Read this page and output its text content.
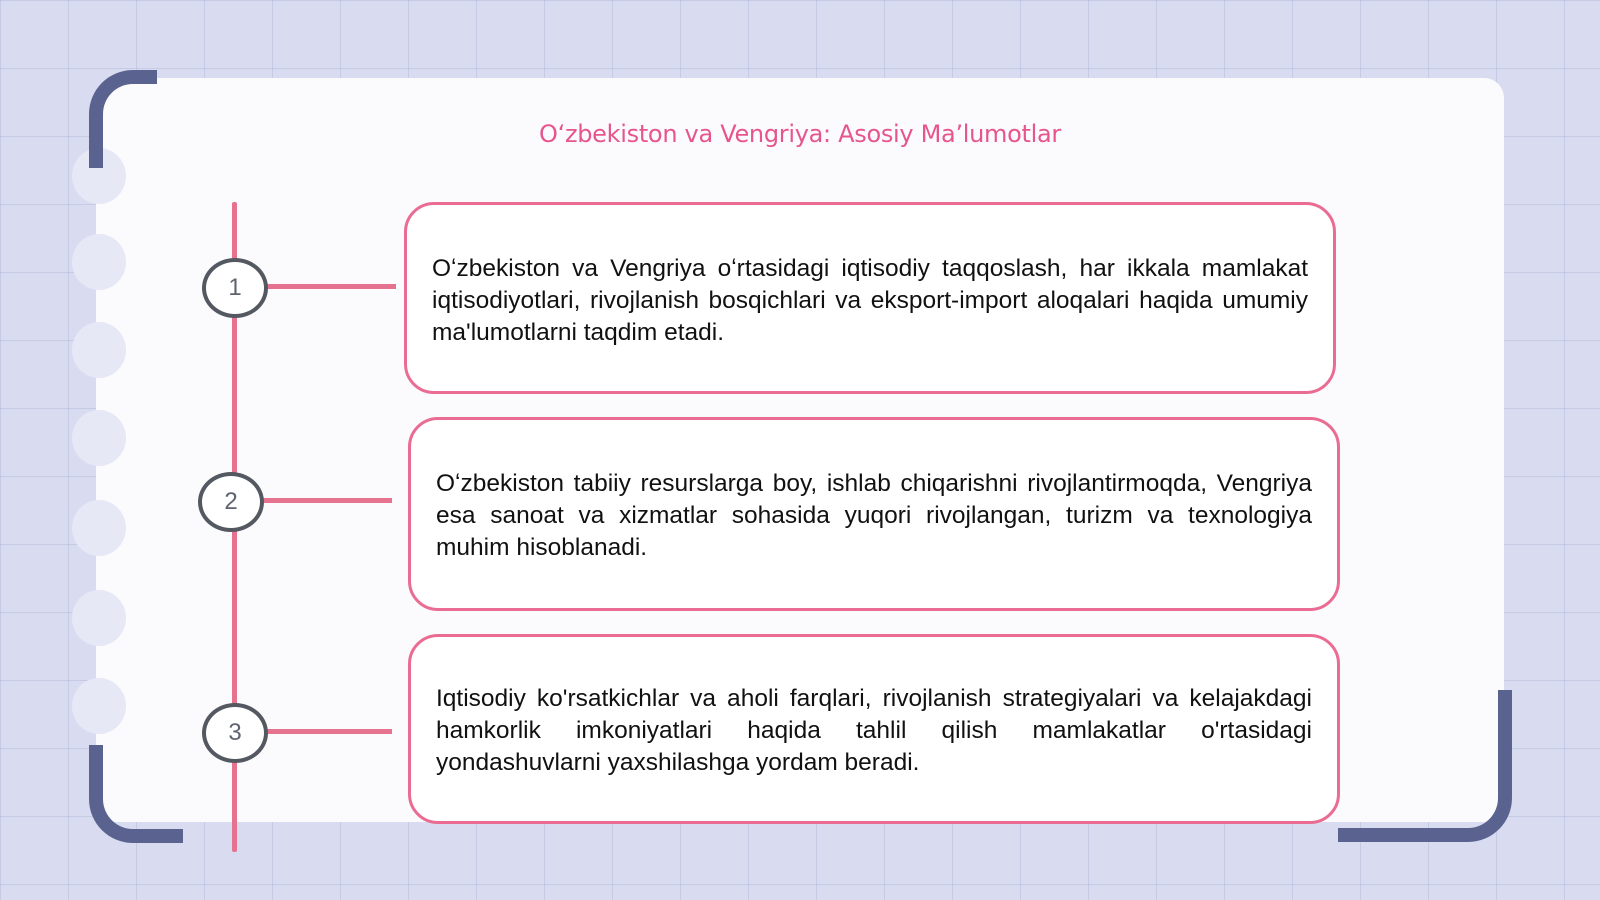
Oʻzbekiston va Vengriya: Asosiy Maʼlumotlar
1
2
3
Oʻzbekiston va Vengriya oʻrtasidagi iqtisodiy taqqoslash, har ikkala mamlakat iqtisodiyotlari, rivojlanish bosqichlari va eksport-import aloqalari haqida umumiy ma'lumotlarni taqdim etadi.
Oʻzbekiston tabiiy resurslarga boy, ishlab chiqarishni rivojlantirmoqda, Vengriya esa sanoat va xizmatlar sohasida yuqori rivojlangan, turizm va texnologiya muhim hisoblanadi.
Iqtisodiy ko'rsatkichlar va aholi farqlari, rivojlanish strategiyalari va kelajakdagi hamkorlik imkoniyatlari haqida tahlil qilish mamlakatlar o'rtasidagi yondashuvlarni yaxshilashga yordam beradi.
